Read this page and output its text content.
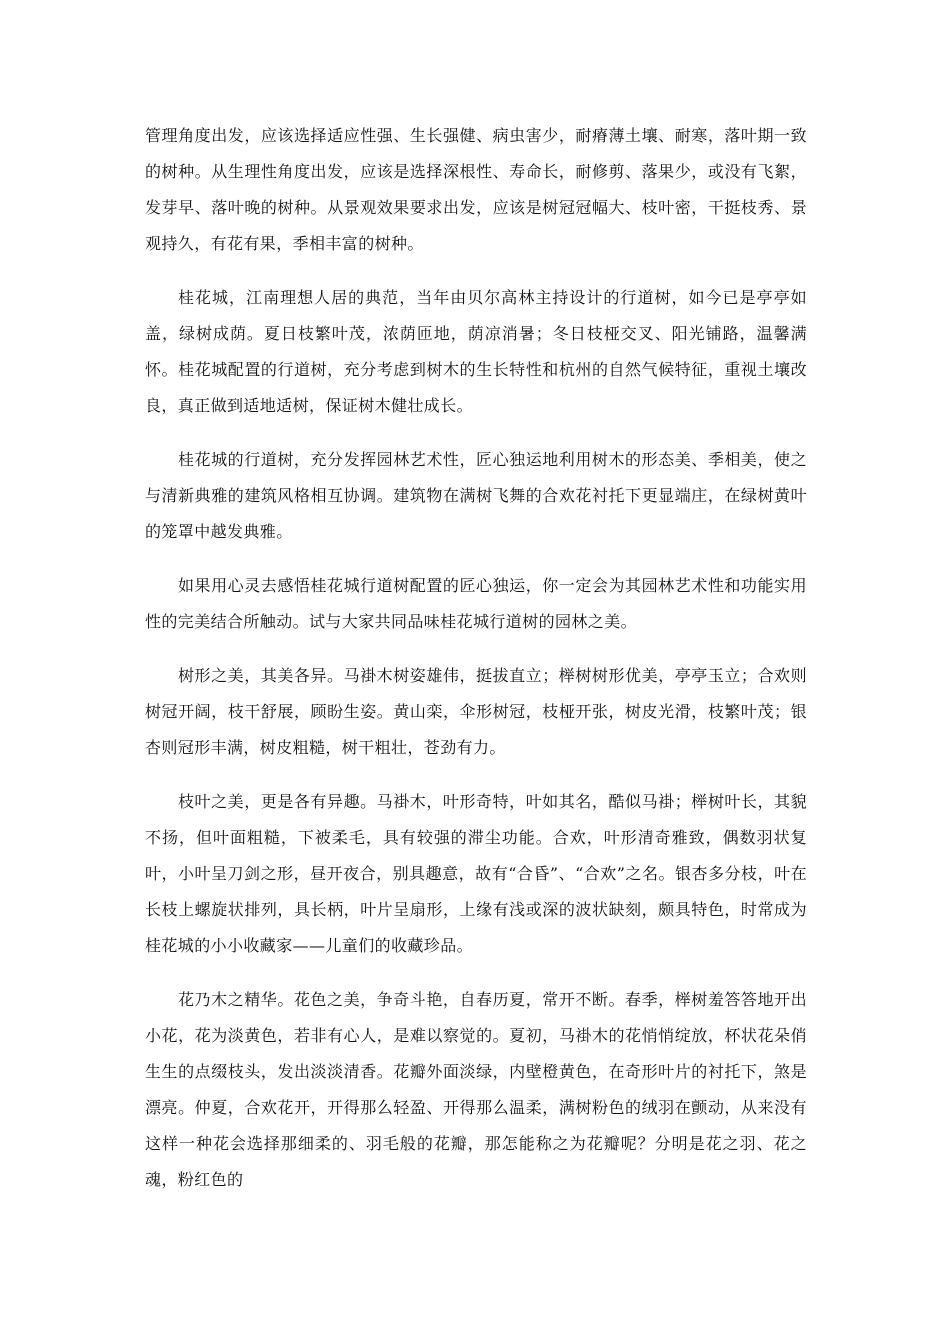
管理角度出发，应该选择适应性强、生长强健、病虫害少，耐瘠薄土壤、耐寒，落叶期一致的树种。从生理性角度出发，应该是选择深根性、寿命长，耐修剪、落果少，或没有飞絮，发芽早、落叶晚的树种。从景观效果要求出发，应该是树冠冠幅大、枝叶密，干挺枝秀、景观持久，有花有果，季相丰富的树种。

桂花城，江南理想人居的典范，当年由贝尔高林主持设计的行道树，如今已是亭亭如盖，绿树成荫。夏日枝繁叶茂，浓荫匝地，荫凉消暑；冬日枝桠交叉、阳光铺路，温馨满怀。桂花城配置的行道树，充分考虑到树木的生长特性和杭州的自然气候特征，重视土壤改良，真正做到适地适树，保证树木健壮成长。

桂花城的行道树，充分发挥园林艺术性，匠心独运地利用树木的形态美、季相美，使之与清新典雅的建筑风格相互协调。建筑物在满树飞舞的合欢花衬托下更显端庄，在绿树黄叶的笼罩中越发典雅。

如果用心灵去感悟桂花城行道树配置的匠心独运，你一定会为其园林艺术性和功能实用性的完美结合所触动。试与大家共同品味桂花城行道树的园林之美。

树形之美，其美各异。马褂木树姿雄伟，挺拔直立；榉树树形优美，亭亭玉立；合欢则树冠开阔，枝干舒展，顾盼生姿。黄山栾，伞形树冠，枝桠开张，树皮光滑，枝繁叶茂；银杏则冠形丰满，树皮粗糙，树干粗壮，苍劲有力。

枝叶之美，更是各有异趣。马褂木，叶形奇特，叶如其名，酷似马褂；榉树叶长，其貌不扬，但叶面粗糙，下被柔毛，具有较强的滞尘功能。合欢，叶形清奇雅致，偶数羽状复叶，小叶呈刀剑之形，昼开夜合，别具趣意，故有“合昏”、“合欢”之名。银杏多分枝，叶在长枝上螺旋状排列，具长柄，叶片呈扇形，上缘有浅或深的波状缺刻，颇具特色，时常成为桂花城的小小收藏家——儿童们的收藏珍品。

花乃木之精华。花色之美，争奇斗艳，自春历夏，常开不断。春季，榉树羞答答地开出小花，花为淡黄色，若非有心人，是难以察觉的。夏初，马褂木的花悄悄绽放，杯状花朵俏生生的点缀枝头，发出淡淡清香。花瓣外面淡绿，内壁橙黄色，在奇形叶片的衬托下，煞是漂亮。仲夏，合欢花开，开得那么轻盈、开得那么温柔，满树粉色的绒羽在颤动，从来没有这样一种花会选择那细柔的、羽毛般的花瓣，那怎能称之为花瓣呢？分明是花之羽、花之魂，粉红色的
